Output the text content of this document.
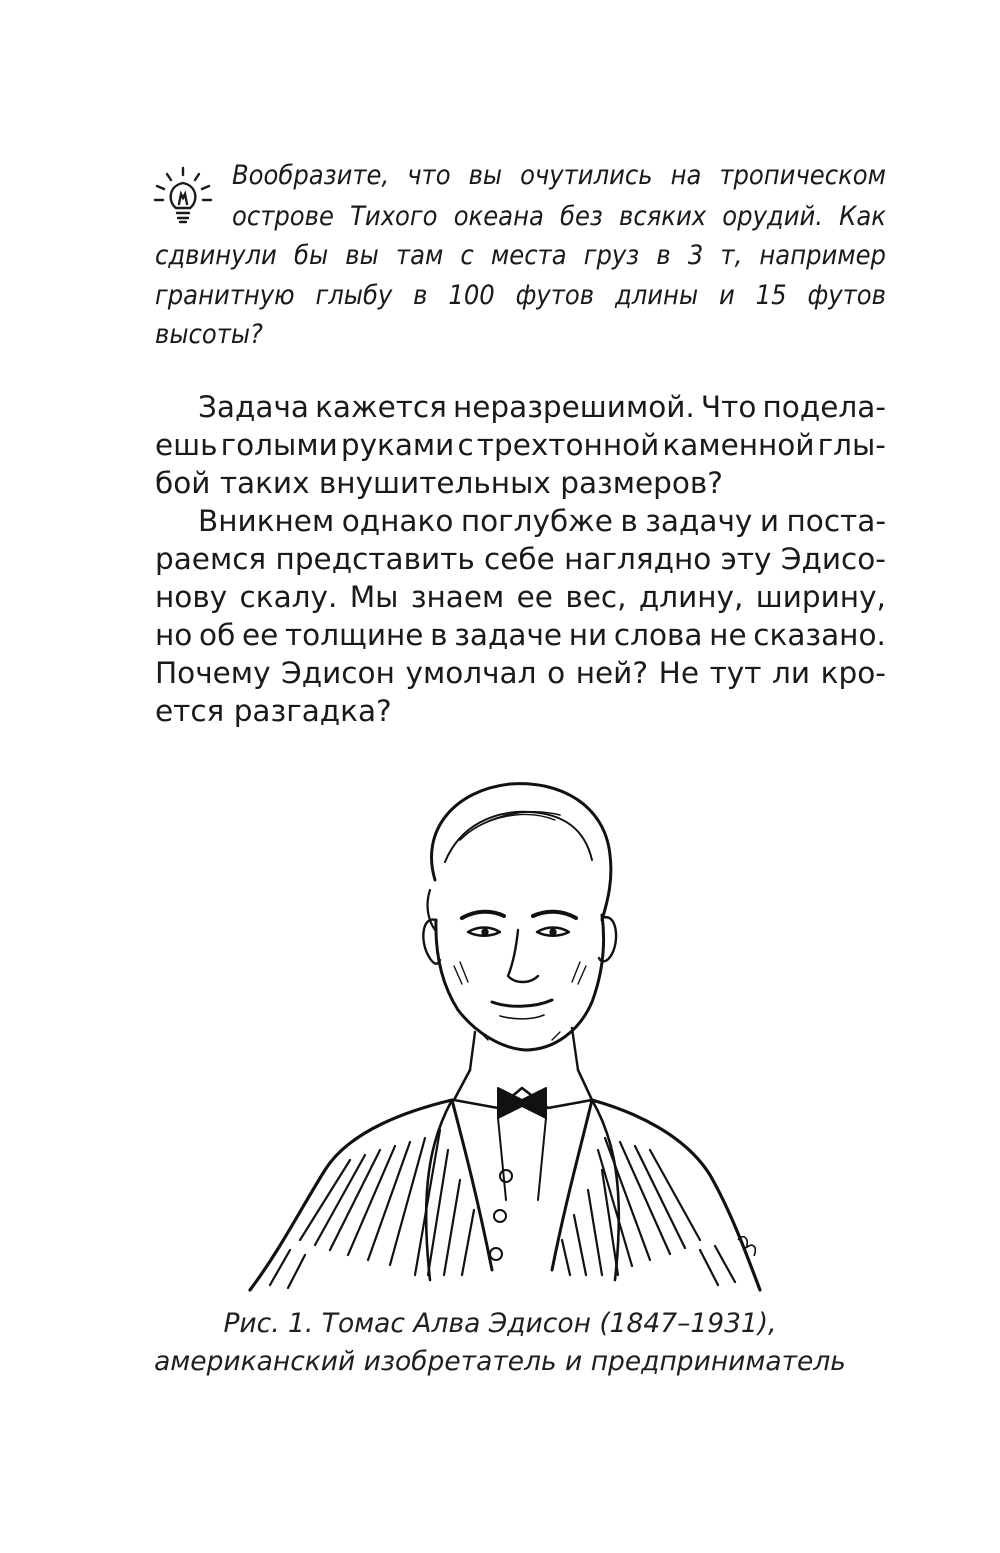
Вообразите, что вы очутились на тропическом
острове Тихого океана без всяких орудий. Как
сдвинули бы вы там с места груз в 3 т, например
гранитную глыбу в 100 футов длины и 15 футов
высоты?
Задача кажется неразрешимой. Что подела-
ешь голыми руками с трехтонной каменной глы-
бой таких внушительных размеров?
Вникнем однако поглубже в задачу и поста-
раемся представить себе наглядно эту Эдисо-
нову скалу. Мы знаем ее вес, длину, ширину,
но об ее толщине в задаче ни слова не сказано.
Почему Эдисон умолчал о ней? Не тут ли кро-
ется разгадка?
Рис. 1. Томас Алва Эдисон (1847–1931),
американский изобретатель и предприниматель
